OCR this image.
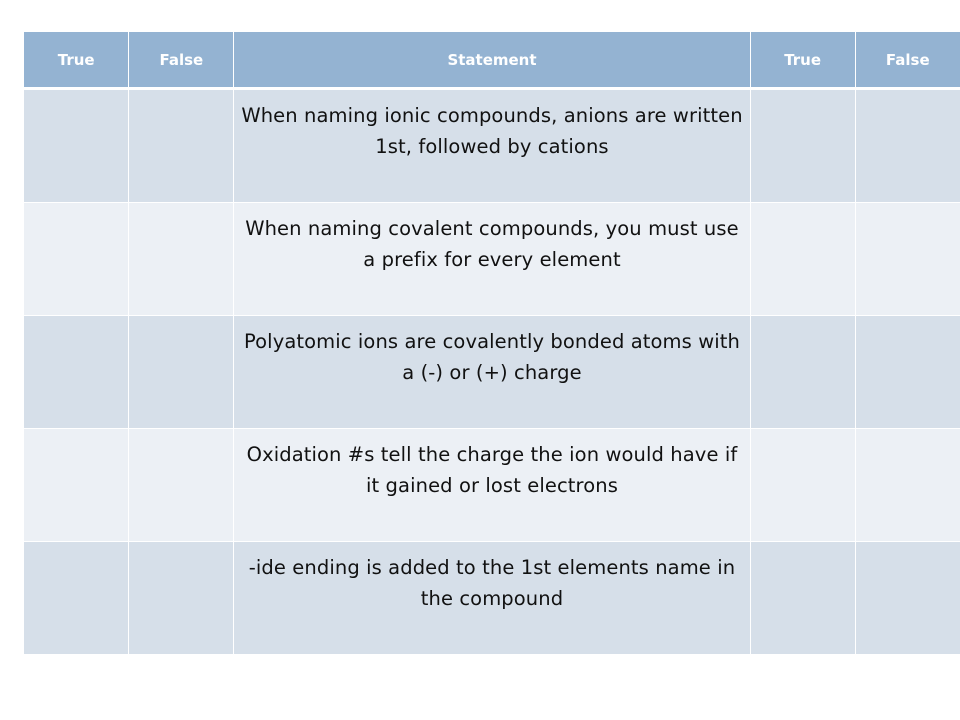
True	False	Statement	True	False

		When naming ionic compounds, anions are written 1st, followed by cations		

		When naming covalent compounds, you must use a prefix for every element		

		Polyatomic ions are covalently bonded atoms with a (-) or (+) charge		

		Oxidation #s tell the charge the ion would have if it gained or lost electrons		

		-ide ending is added to the 1st elements name in the compound		
